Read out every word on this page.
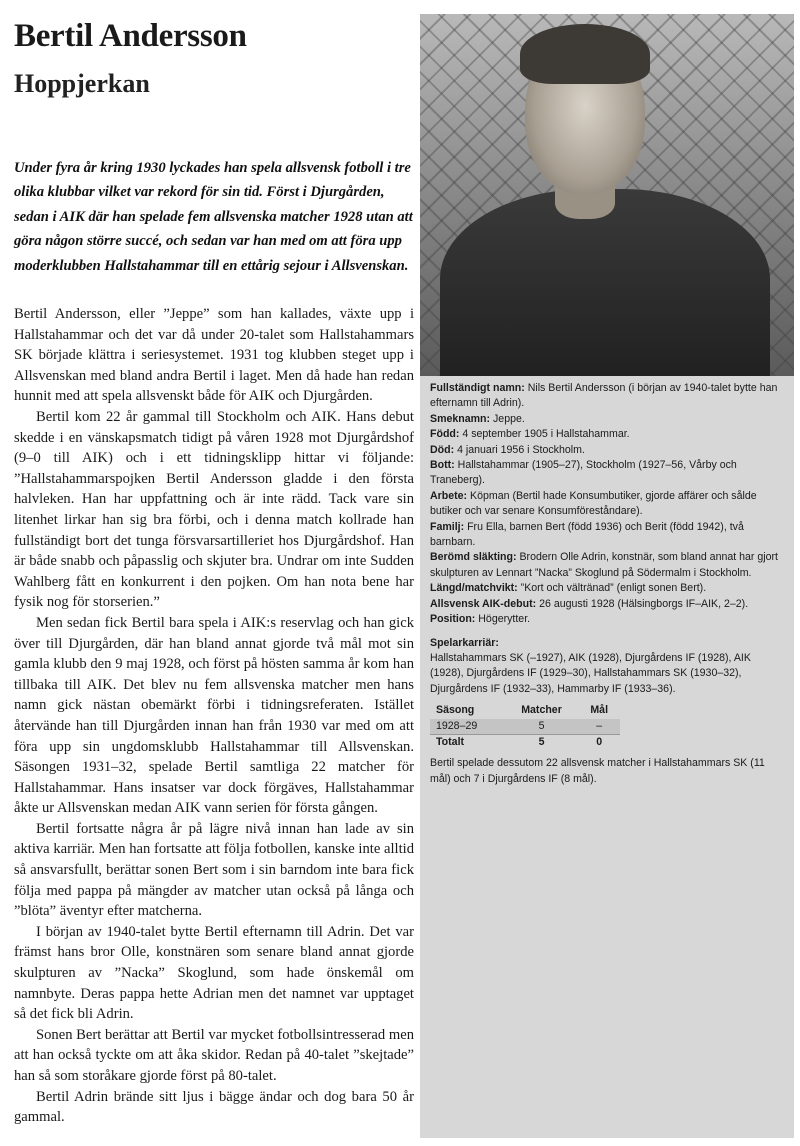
Bertil Andersson
Hoppjerkan
Under fyra år kring 1930 lyckades han spela allsvensk fotboll i tre olika klubbar vilket var rekord för sin tid. Först i Djurgården, sedan i AIK där han spelade fem allsvenska matcher 1928 utan att göra någon större succé, och sedan var han med om att föra upp moderklubben Hallstahammar till en ettårig sejour i Allsvenskan.

Bertil Andersson, eller ”Jeppe” som han kallades, växte upp i Hallstahammar och det var då under 20-talet som Hallstahammars SK började klättra i seriesystemet. 1931 tog klubben steget upp i Allsvenskan med bland andra Bertil i laget. Men då hade han redan hunnit med att spela allsvenskt både för AIK och Djurgården.

Bertil kom 22 år gammal till Stockholm och AIK. Hans debut skedde i en vänskapsmatch tidigt på våren 1928 mot Djurgårdshof (9–0 till AIK) och i ett tidningsklipp hittar vi följande: ”Hallstahammarspojken Bertil Andersson gladde i den första halvleken. Han har uppfattning och är inte rädd. Tack vare sin litenhet lirkar han sig bra förbi, och i denna match kollrade han fullständigt bort det tunga försvarsartilleriet hos Djurgårdshof. Han är både snabb och påpasslig och skjuter bra. Undrar om inte Sudden Wahlberg fått en konkurrent i den pojken. Om han nota bene har fysik nog för storserien.”

Men sedan fick Bertil bara spela i AIK:s reservlag och han gick över till Djurgården, där han bland annat gjorde två mål mot sin gamla klubb den 9 maj 1928, och först på hösten samma år kom han tillbaka till AIK. Det blev nu fem allsvenska matcher men hans namn gick nästan obemärkt förbi i tidningsreferaten. Istället återvände han till Djurgården innan han från 1930 var med om att föra upp sin ungdomsklubb Hallstahammar till Allsvenskan. Säsongen 1931–32, spelade Bertil samtliga 22 matcher för Hallstahammar. Hans insatser var dock förgäves, Hallstahammar åkte ur Allsvenskan medan AIK vann serien för första gången.

Bertil fortsatte några år på lägre nivå innan han lade av sin aktiva karriär. Men han fortsatte att följa fotbollen, kanske inte alltid så ansvarsfullt, berättar sonen Bert som i sin barndom inte bara fick följa med pappa på mängder av matcher utan också på långa och ”blöta” äventyr efter matcherna.

I början av 1940-talet bytte Bertil efternamn till Adrin. Det var främst hans bror Olle, konstnären som senare bland annat gjorde skulpturen av ”Nacka” Skoglund, som hade önskemål om namnbyte. Deras pappa hette Adrian men det namnet var upptaget så det fick bli Adrin.

Sonen Bert berättar att Bertil var mycket fotbollsintresserad men att han också tyckte om att åka skidor. Redan på 40-talet ”skejtade” han så som storåkare gjorde först på 80-talet.

Bertil Adrin brände sitt ljus i bägge ändar och dog bara 50 år gammal.

Fullständigt namn: Nils Bertil Andersson (i början av 1940-talet bytte han efternamn till Adrin).
Smeknamn: Jeppe.
Född: 4 september 1905 i Hallstahammar.
Död: 4 januari 1956 i Stockholm.
Bott: Hallstahammar (1905–27), Stockholm (1927–56, Vårby och Traneberg).
Arbete: Köpman (Bertil hade Konsumbutiker, gjorde affärer och sålde butiker och var senare Konsumföreståndare).
Familj: Fru Ella, barnen Bert (född 1936) och Berit (född 1942), två barnbarn.
Berömd släkting: Brodern Olle Adrin, konstnär, som bland annat har gjort skulpturen av Lennart ”Nacka” Skoglund på Södermalm i Stockholm.
Längd/matchvikt: ”Kort och vältränad” (enligt sonen Bert).
Allsvensk AIK-debut: 26 augusti 1928 (Hälsingborgs IF–AIK, 2–2).
Position: Högerytter.
Spelarkarriär:
Hallstahammars SK (–1927), AIK (1928), Djurgårdens IF (1928), AIK (1928), Djurgårdens IF (1929–30), Hallstahammars SK (1930–32), Djurgårdens IF (1932–33), Hammarby IF (1933–36).
Säsong	Matcher	Mål
1928–29	5	–
Totalt	5	0
Bertil spelade dessutom 22 allsvensk matcher i Hallstahammars SK (11 mål) och 7 i Djurgårdens IF (8 mål).
